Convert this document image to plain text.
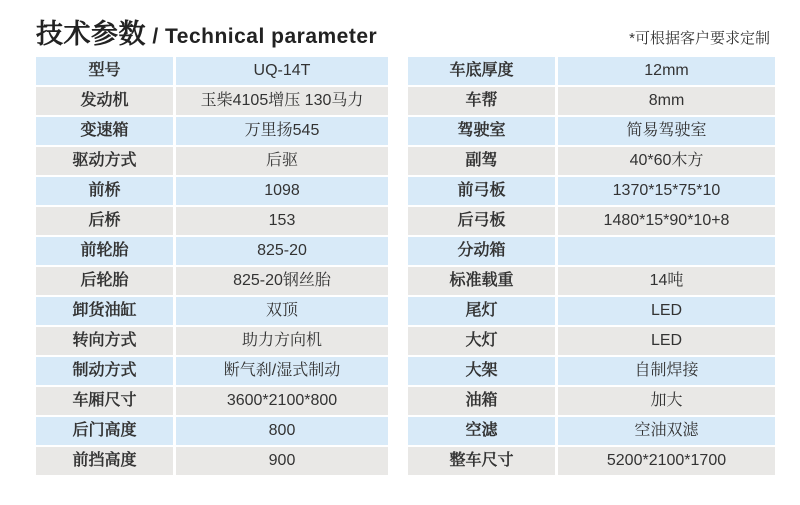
技术参数 / Technical parameter	*可根据客户要求定制
型号	UQ-14T
发动机	玉柴4105增压 130马力
变速箱	万里扬545
驱动方式	后驱
前桥	1098
后桥	153
前轮胎	825-20
后轮胎	825-20钢丝胎
卸货油缸	双顶
转向方式	助力方向机
制动方式	断气刹/湿式制动
车厢尺寸	3600*2100*800
后门高度	800
前挡高度	900
车底厚度	12mm
车帮	8mm
驾驶室	简易驾驶室
副驾	40*60木方
前弓板	1370*15*75*10
后弓板	1480*15*90*10+8
分动箱
标准载重	14吨
尾灯	LED
大灯	LED
大架	自制焊接
油箱	加大
空滤	空油双滤
整车尺寸	5200*2100*1700
